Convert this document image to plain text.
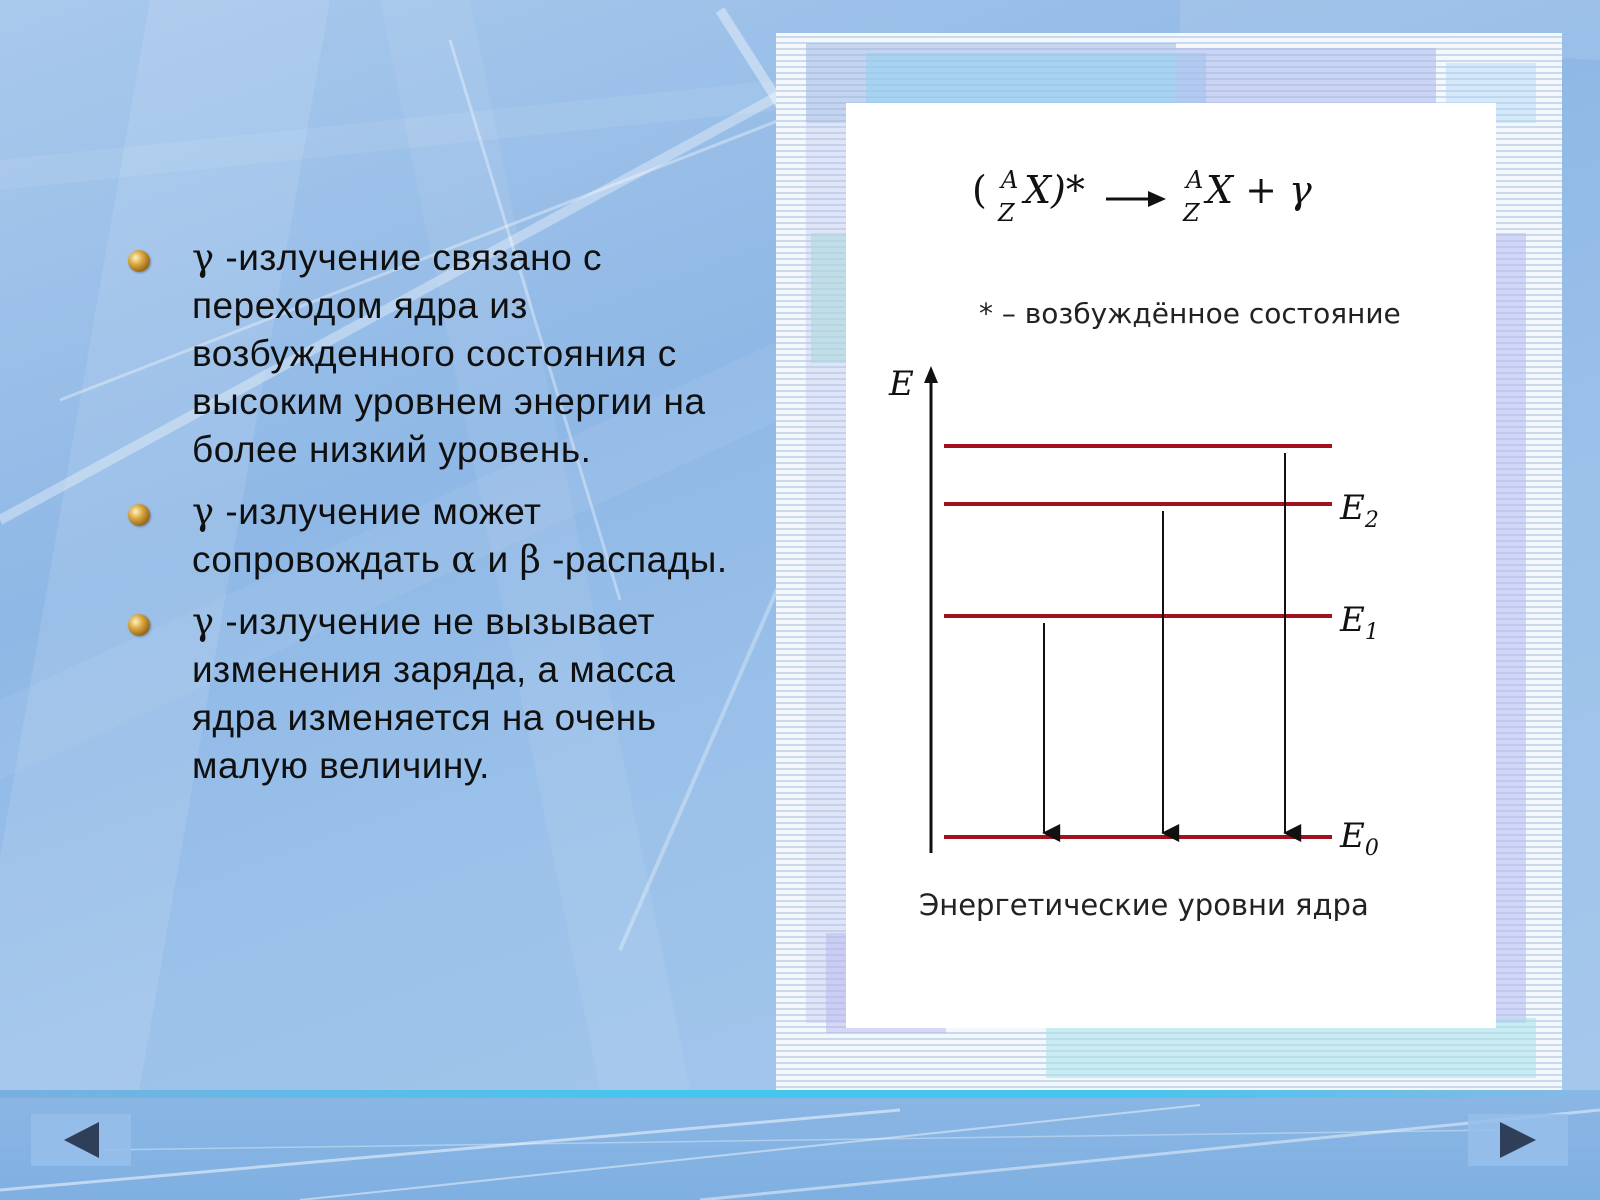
γ -излучение связано с переходом ядра из возбужденного состояния с высоким уровнем энергии на более низкий уровень.
γ -излучение может сопровождать α и β -распады.
γ -излучение не вызывает изменения заряда, а масса ядра изменяется на очень малую величину.
( A
Z
X)*	A
Z
X + γ
* – возбуждённое состояние
E
$E_2$
$E_1$
$E_0$
Энергетические уровни ядра
